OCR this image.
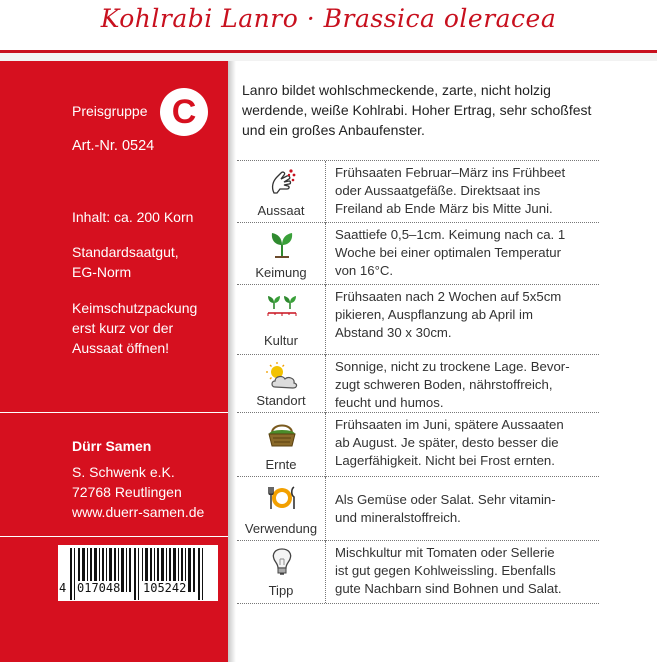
Kohlrabi Lanro · Brassica oleracea
Preisgruppe
Art.-Nr. 0524
Inhalt: ca. 200 Korn
Standardsaatgut,
EG-Norm
Keimschutzpackung
erst kurz vor der
Aussaat öffnen!
Dürr Samen
S. Schwenk e.K.
72768 Reutlingen
www.duerr-samen.de
C
4 017048 105242
Lanro bildet wohlschmeckende, zarte, nicht holzig
werdende, weiße Kohlrabi. Hoher Ertrag, sehr schoßfest
und ein großes Anbaufenster.
Aussaat
Frühsaaten Februar–März ins Frühbeet
oder Aussaatgefäße. Direktsaat ins
Freiland ab Ende März bis Mitte Juni.
Keimung
Saattiefe 0,5–1cm. Keimung nach ca. 1
Woche bei einer optimalen Temperatur
von 16°C.
Kultur
Frühsaaten nach 2 Wochen auf 5x5cm
pikieren, Auspflanzung ab April im
Abstand 30 x 30cm.
Standort
Sonnige, nicht zu trockene Lage. Bevor-
zugt schweren Boden, nährstoffreich,
feucht und humos.
Ernte
Frühsaaten im Juni, spätere Aussaaten
ab August. Je später, desto besser die
Lagerfähigkeit. Nicht bei Frost ernten.
Verwendung
Als Gemüse oder Salat. Sehr vitamin-
und mineralstoffreich.
Tipp
Mischkultur mit Tomaten oder Sellerie
ist gut gegen Kohlweissling. Ebenfalls
gute Nachbarn sind Bohnen und Salat.
